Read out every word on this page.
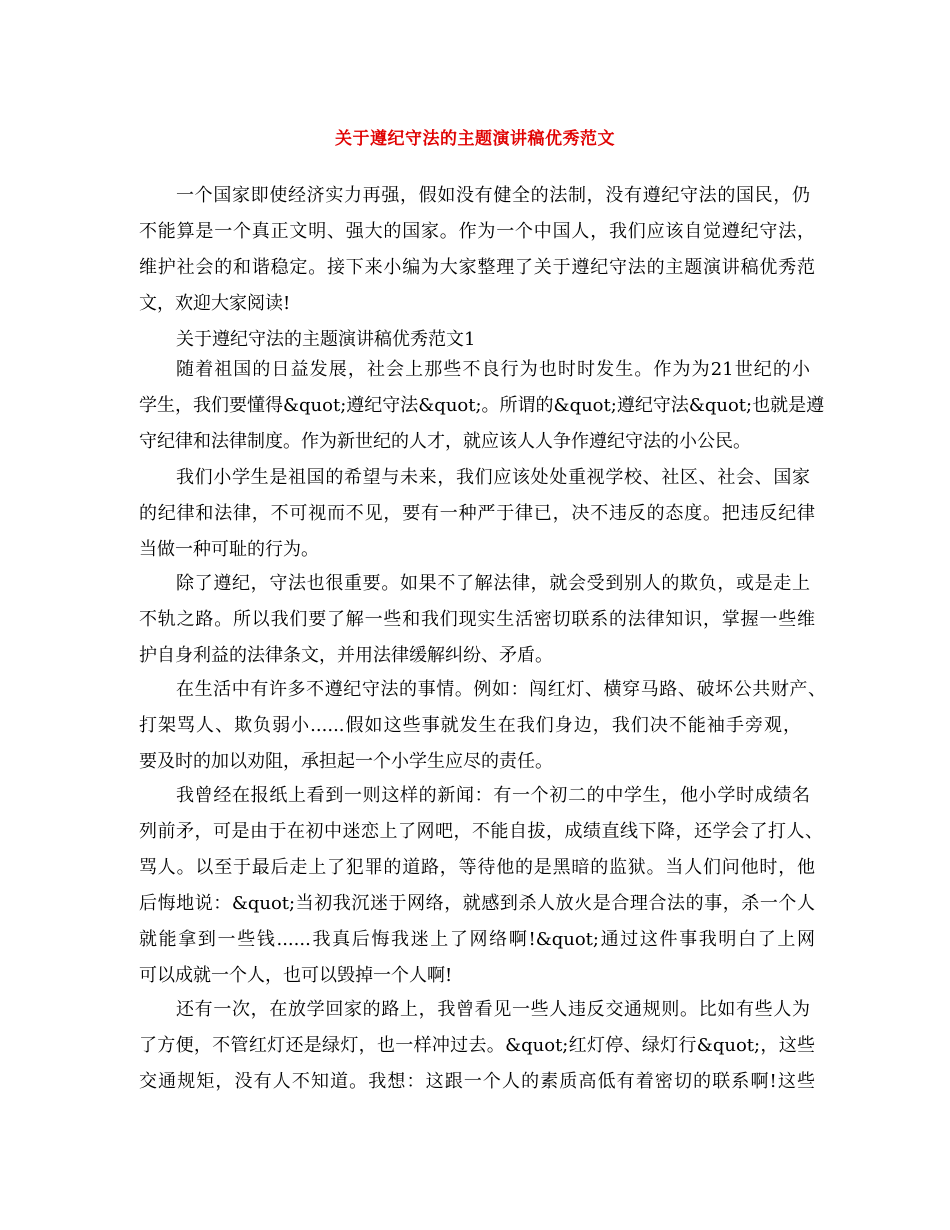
关于遵纪守法的主题演讲稿优秀范文
一个国家即使经济实力再强，假如没有健全的法制，没有遵纪守法的国民，仍
不能算是一个真正文明、强大的国家。作为一个中国人，我们应该自觉遵纪守法，
维护社会的和谐稳定。接下来小编为大家整理了关于遵纪守法的主题演讲稿优秀范
文，欢迎大家阅读!
关于遵纪守法的主题演讲稿优秀范文1
随着祖国的日益发展，社会上那些不良行为也时时发生。作为为21世纪的小
学生，我们要懂得&quot;遵纪守法&quot;。所谓的&quot;遵纪守法&quot;也就是遵
守纪律和法律制度。作为新世纪的人才，就应该人人争作遵纪守法的小公民。
我们小学生是祖国的希望与未来，我们应该处处重视学校、社区、社会、国家
的纪律和法律，不可视而不见，要有一种严于律已，决不违反的态度。把违反纪律
当做一种可耻的行为。
除了遵纪，守法也很重要。如果不了解法律，就会受到别人的欺负，或是走上
不轨之路。所以我们要了解一些和我们现实生活密切联系的法律知识，掌握一些维
护自身利益的法律条文，并用法律缓解纠纷、矛盾。
在生活中有许多不遵纪守法的事情。例如：闯红灯、横穿马路、破坏公共财产、
打架骂人、欺负弱小......假如这些事就发生在我们身边，我们决不能袖手旁观，
要及时的加以劝阻，承担起一个小学生应尽的责任。
我曾经在报纸上看到一则这样的新闻：有一个初二的中学生，他小学时成绩名
列前矛，可是由于在初中迷恋上了网吧，不能自拔，成绩直线下降，还学会了打人、
骂人。以至于最后走上了犯罪的道路，等待他的是黑暗的监狱。当人们问他时，他
后悔地说：&quot;当初我沉迷于网络，就感到杀人放火是合理合法的事，杀一个人
就能拿到一些钱......我真后悔我迷上了网络啊!&quot;通过这件事我明白了上网
可以成就一个人，也可以毁掉一个人啊!
还有一次，在放学回家的路上，我曾看见一些人违反交通规则。比如有些人为
了方便，不管红灯还是绿灯，也一样冲过去。&quot;红灯停、绿灯行&quot;，这些
交通规矩，没有人不知道。我想：这跟一个人的素质高低有着密切的联系啊!这些
